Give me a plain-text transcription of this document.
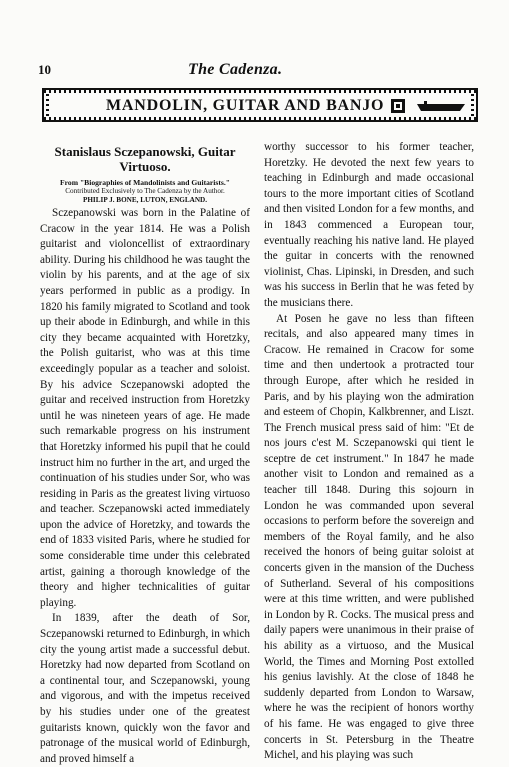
10	The Cadenza.
MANDOLIN, GUITAR AND BANJO
Stanislaus Sczepanowski, Guitar Virtuoso.
From "Biographies of Mandolinists and Guitarists."
Contributed Exclusively to The Cadenza by the Author.
PHILIP J. BONE, LUTON, ENGLAND.

Sczepanowski was born in the Palatine of Cracow in the year 1814. He was a Polish guitarist and violoncellist of extraordinary ability. During his childhood he was taught the violin by his parents, and at the age of six years performed in public as a prodigy. In 1820 his family migrated to Scotland and took up their abode in Edinburgh, and while in this city they became acquainted with Horetzky, the Polish guitarist, who was at this time exceedingly popular as a teacher and soloist. By his advice Sczepanowski adopted the guitar and received instruction from Horetzky until he was nineteen years of age. He made such remarkable progress on his instrument that Horetzky informed his pupil that he could instruct him no further in the art, and urged the continuation of his studies under Sor, who was residing in Paris as the greatest living virtuoso and teacher. Sczepanowski acted immediately upon the advice of Horetzky, and towards the end of 1833 visited Paris, where he studied for some considerable time under this celebrated artist, gaining a thorough knowledge of the theory and higher technicalities of guitar playing.

In 1839, after the death of Sor, Sczepanowski returned to Edinburgh, in which city the young artist made a successful debut. Horetzky had now departed from Scotland on a continental tour, and Sczepanowski, young and vigorous, and with the impetus received by his studies under one of the greatest guitarists known, quickly won the favor and patronage of the musical world of Edinburgh, and proved himself a

worthy successor to his former teacher, Horetzky. He devoted the next few years to teaching in Edinburgh and made occasional tours to the more important cities of Scotland and then visited London for a few months, and in 1843 commenced a European tour, eventually reaching his native land. He played the guitar in concerts with the renowned violinist, Chas. Lipinski, in Dresden, and such was his success in Berlin that he was feted by the musicians there.

At Posen he gave no less than fifteen recitals, and also appeared many times in Cracow. He remained in Cracow for some time and then undertook a protracted tour through Europe, after which he resided in Paris, and by his playing won the admiration and esteem of Chopin, Kalkbrenner, and Liszt. The French musical press said of him: "Et de nos jours c'est M. Sczepanowski qui tient le sceptre de cet instrument." In 1847 he made another visit to London and remained as a teacher till 1848. During this sojourn in London he was commanded upon several occasions to perform before the sovereign and members of the Royal family, and he also received the honors of being guitar soloist at concerts given in the mansion of the Duchess of Sutherland. Several of his compositions were at this time written, and were published in London by R. Cocks. The musical press and daily papers were unanimous in their praise of his ability as a virtuoso, and the Musical World, the Times and Morning Post extolled his genius lavishly. At the close of 1848 he suddenly departed from London to Warsaw, where he was the recipient of honors worthy of his fame. He was engaged to give three concerts in St. Petersburg in the Theatre Michel, and his playing was such
